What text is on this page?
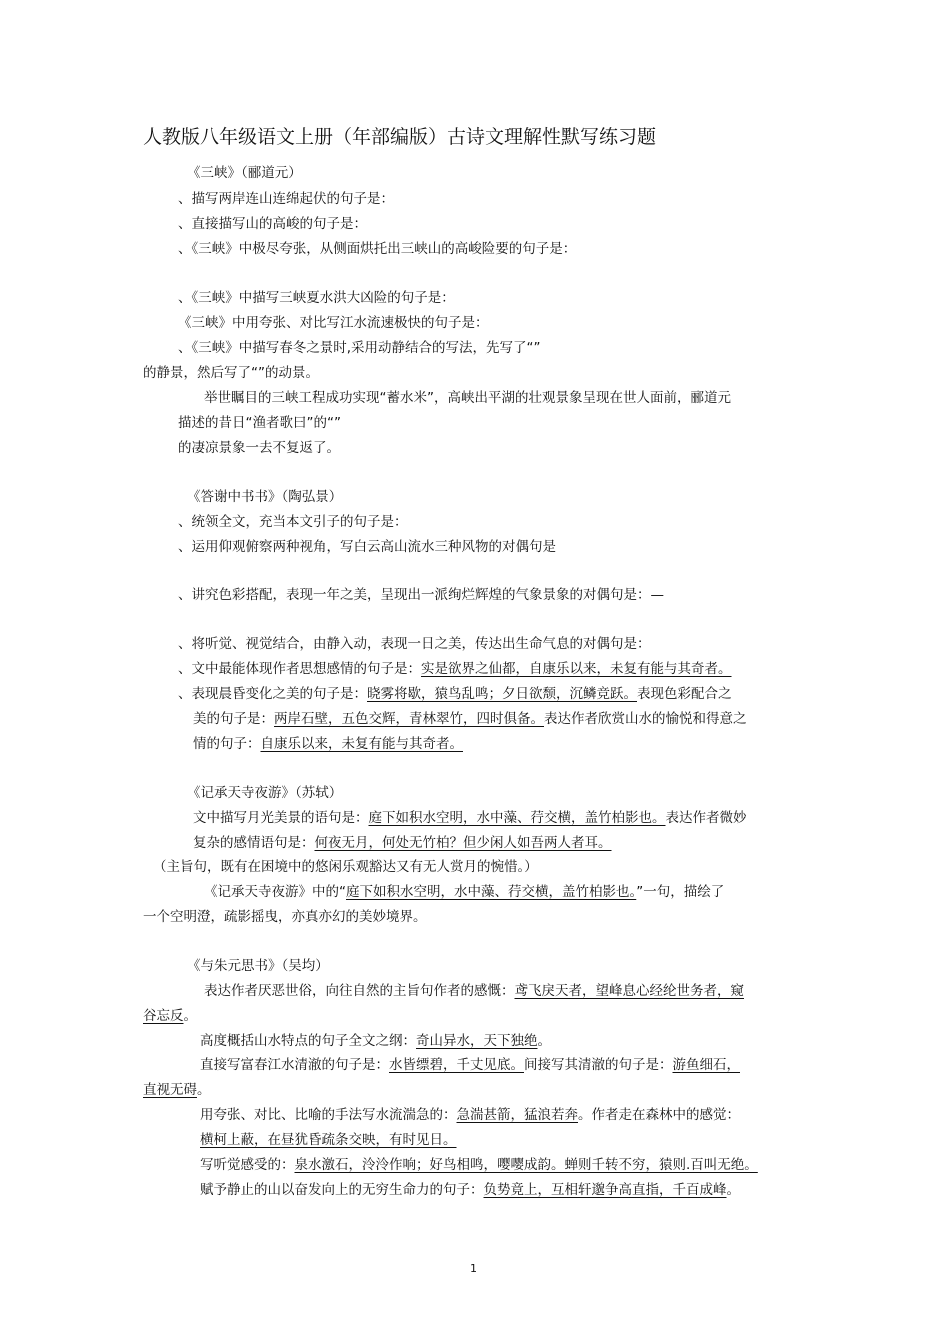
人教版八年级语文上册（年部编版）古诗文理解性默写练习题
《三峡》（郦道元）
、描写两岸连山连绵起伏的句子是：
、直接描写山的高峻的句子是：
、《三峡》中极尽夸张，从侧面烘托出三峡山的高峻险要的句子是：
、《三峡》中描写三峡夏水洪大凶险的句子是：
《三峡》中用夸张、对比写江水流速极快的句子是：
、《三峡》中描写春冬之景时,采用动静结合的写法，先写了“”
的静景，然后写了“”的动景。
举世瞩目的三峡工程成功实现“蓄水米”，高峡出平湖的壮观景象呈现在世人面前，郦道元
描述的昔日“渔者歌曰”的“”
的凄凉景象一去不复返了。
《答谢中书书》（陶弘景）
、统领全文，充当本文引子的句子是：
、运用仰观俯察两种视角，写白云高山流水三种风物的对偶句是
、讲究色彩搭配，表现一年之美，呈现出一派绚烂辉煌的气象景象的对偶句是：—
、将听觉、视觉结合，由静入动，表现一日之美，传达出生命气息的对偶句是：
、文中最能体现作者思想感情的句子是：实是欲界之仙都，自康乐以来，未复有能与其奇者。
、表现晨昏变化之美的句子是：晓雾将歇，猿鸟乱鸣；夕日欲颓，沉鳞竞跃。表现色彩配合之
美的句子是：两岸石壁，五色交辉，青林翠竹，四时俱备。表达作者欣赏山水的愉悦和得意之
情的句子：自康乐以来，未复有能与其奇者。
《记承天寺夜游》（苏轼）
文中描写月光美景的语句是：庭下如积水空明，水中藻、荇交横，盖竹柏影也。表达作者微妙
复杂的感情语句是：何夜无月，何处无竹柏？但少闲人如吾两人者耳。
（主旨句，既有在困境中的悠闲乐观豁达又有无人赏月的惋惜。）
《记承天寺夜游》中的“庭下如积水空明，水中藻、荇交横，盖竹柏影也。”一句，描绘了
一个空明澄，疏影摇曳，亦真亦幻的美妙境界。
《与朱元思书》（吴均）
表达作者厌恶世俗，向往自然的主旨句作者的感慨：鸢飞戾天者，望峰息心经纶世务者，窥
谷忘反。
高度概括山水特点的句子全文之纲：奇山异水，天下独绝。
直接写富春江水清澈的句子是：水皆缥碧，千丈见底。间接写其清澈的句子是：游鱼细石，
直视无碍。
用夸张、对比、比喻的手法写水流湍急的：急湍甚箭，猛浪若奔。作者走在森林中的感觉：
横柯上蔽，在昼犹昏疏条交映，有时见日。
写听觉感受的：泉水激石，泠泠作响；好鸟相鸣，嘤嘤成韵。蝉则千转不穷，猿则.百叫无绝。
赋予静止的山以奋发向上的无穷生命力的句子：负势竟上，互相轩邈争高直指，千百成峰。
1
